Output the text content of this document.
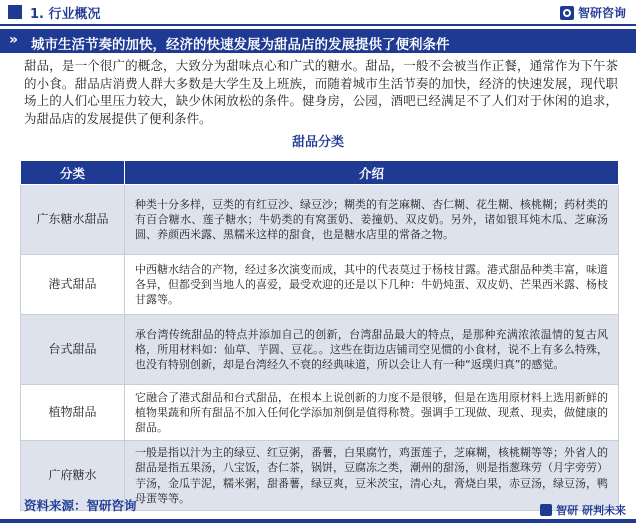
1. 行业概况	智研咨询
» 城市生活节奏的加快，经济的快速发展为甜品店的发展提供了便利条件
甜品，是一个很广的概念，大致分为甜味点心和广式的糖水。甜品，一般不会被当作正餐，通常作为下午茶的小食。甜品店消费人群大多数是大学生及上班族，而随着城市生活节奏的加快，经济的快速发展，现代职场上的人们心里压力较大，缺少休闲放松的条件。健身房，公园，酒吧已经满足不了人们对于休闲的追求，为甜品店的发展提供了便利条件。
甜品分类
分类	介绍
广东糖水甜品	种类十分多样，豆类的有红豆沙、绿豆沙；糊类的有芝麻糊、杏仁糊、花生糊、核桃糊；药材类的有百合糖水、莲子糖水；牛奶类的有窝蛋奶、姜撞奶、双皮奶。另外，诸如银耳炖木瓜、芝麻汤圆、养颜西米露、黑糯米这样的甜食，也是糖水店里的常备之物。
港式甜品	中西糖水结合的产物，经过多次演变而成，其中的代表莫过于杨枝甘露。港式甜品种类丰富，味道各异，但都受到当地人的喜爱，最受欢迎的还是以下几种：牛奶炖蛋、双皮奶、芒果西米露、杨枝甘露等。
台式甜品	承台湾传统甜品的特点并添加自己的创新，台湾甜品最大的特点，是那种充满浓浓温情的复古风格，所用材料如：仙草、芋圆、豆花。。这些在街边店铺司空见惯的小食材，说不上有多么特殊，也没有特别创新，却是台湾经久不衰的经典味道，所以会让人有一种“返璞归真”的感觉。
植物甜品	它融合了港式甜品和台式甜品，在根本上说创新的力度不是很够，但是在选用原材料上选用新鲜的植物果蔬和所有甜品不加入任何化学添加剂倒是值得称赞。强调手工现做、现煮、现卖，做健康的甜品。
广府糖水	一般是指以汁为主的绿豆、红豆粥，番薯，白果腐竹，鸡蛋莲子，芝麻糊，核桃糊等等；外省人的甜品是指五果汤，八宝饭，杏仁茶，锅饼，豆腐冻之类，潮州的甜汤，则是指葱珠劳（月字旁劳）芋汤，金瓜芋泥，糯米粥，甜番薯，绿豆爽，豆米茨宝，清心丸，膏烧白果，赤豆汤，绿豆汤，鸭母蛋等等。
资料来源：智研咨询	智研 研判未来
